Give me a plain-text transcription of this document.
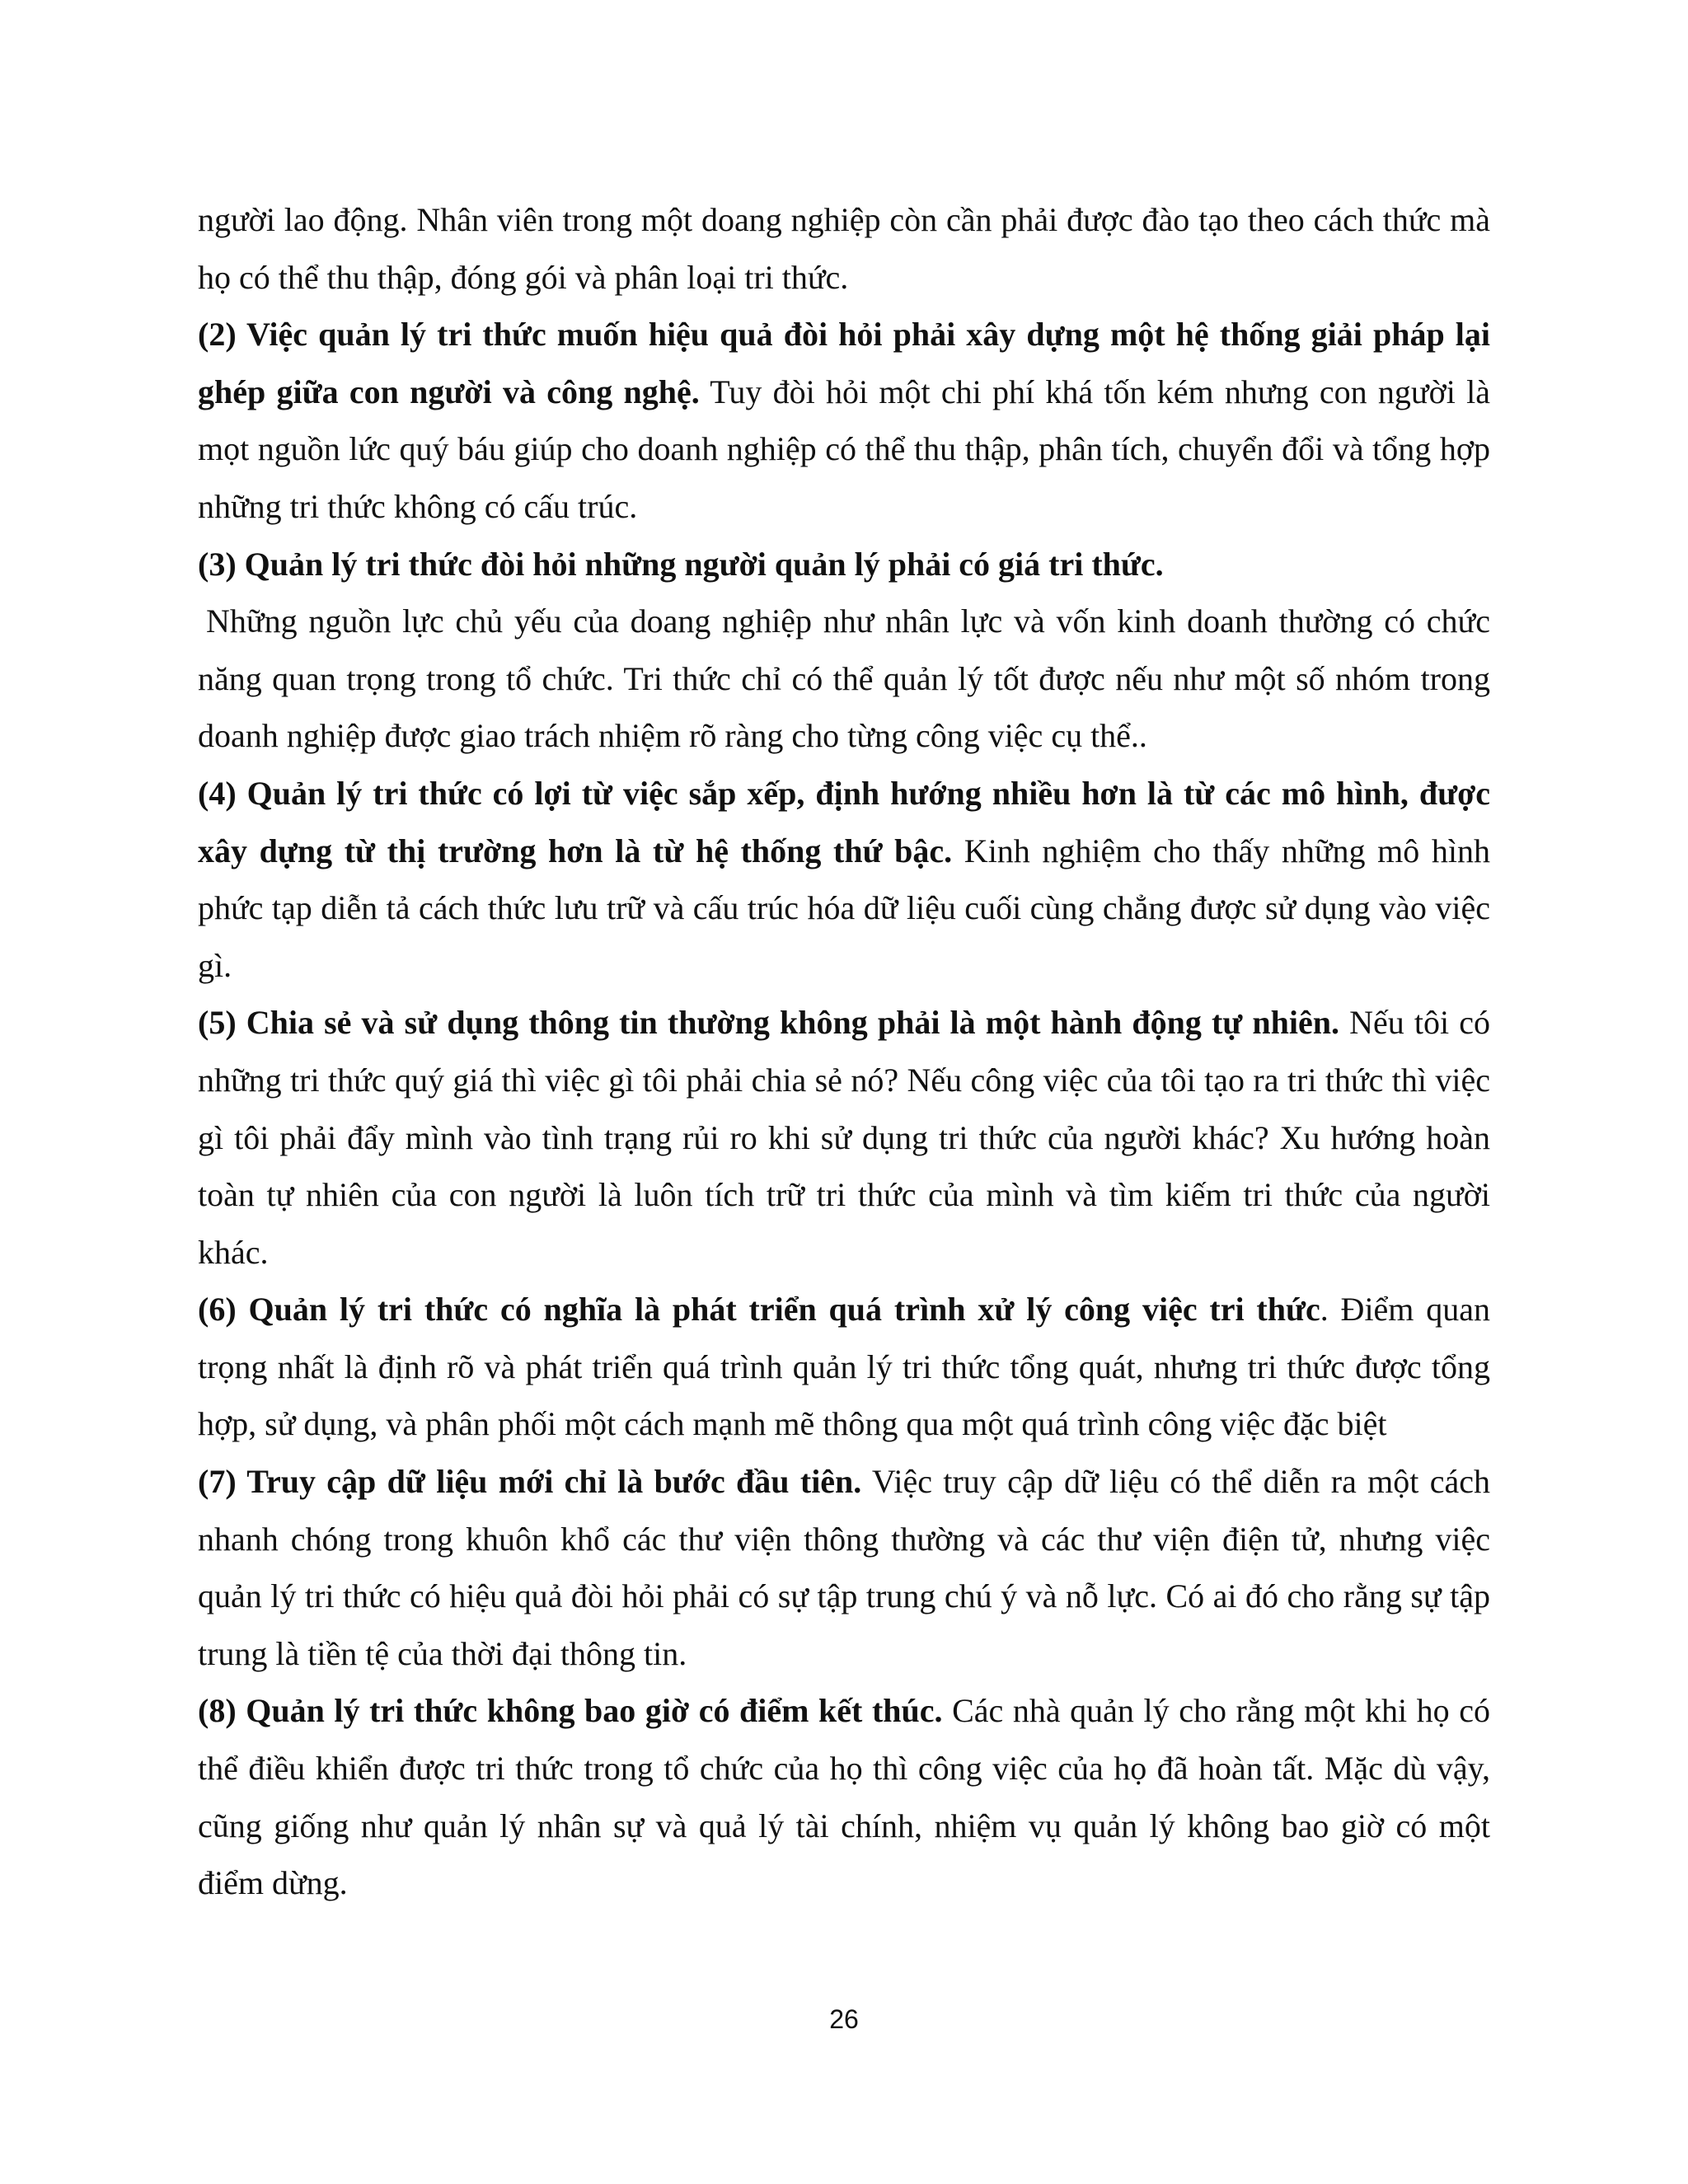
người lao động. Nhân viên trong một doang nghiệp còn cần phải được đào tạo theo cách thức mà họ có thể thu thập, đóng gói và phân loại tri thức.

(2) Việc quản lý tri thức muốn hiệu quả đòi hỏi phải xây dựng một hệ thống giải pháp lại ghép giữa con người và công nghệ. Tuy đòi hỏi một chi phí khá tốn kém nhưng con người là mọt nguồn lức quý báu giúp cho doanh nghiệp có thể thu thập, phân tích, chuyển đổi và tổng hợp những tri thức không có cấu trúc.

(3) Quản lý tri thức đòi hỏi những người quản lý phải có giá tri thức.

Những nguồn lực chủ yếu của doang nghiệp như nhân lực và vốn kinh doanh thường có chức năng quan trọng trong tổ chức. Tri thức chỉ có thể quản lý tốt được nếu như một số nhóm trong doanh nghiệp được giao trách nhiệm rõ ràng cho từng công việc cụ thể..

(4) Quản lý tri thức có lợi từ việc sắp xếp, định hướng nhiều hơn là từ các mô hình, được xây dựng từ thị trường hơn là từ hệ thống thứ bậc. Kinh nghiệm cho thấy những mô hình phức tạp diễn tả cách thức lưu trữ và cấu trúc hóa dữ liệu cuối cùng chẳng được sử dụng vào việc gì.

(5) Chia sẻ và sử dụng thông tin thường không phải là một hành động tự nhiên. Nếu tôi có những tri thức quý giá thì việc gì tôi phải chia sẻ nó? Nếu công việc của tôi tạo ra tri thức thì việc gì tôi phải đẩy mình vào tình trạng rủi ro khi sử dụng tri thức của người khác? Xu hướng hoàn toàn tự nhiên của con người là luôn tích trữ tri thức của mình và tìm kiếm tri thức của người khác.

(6) Quản lý tri thức có nghĩa là phát triển quá trình xử lý công việc tri thức. Điểm quan trọng nhất là định rõ và phát triển quá trình quản lý tri thức tổng quát, nhưng tri thức được tổng hợp, sử dụng, và phân phối một cách mạnh mẽ thông qua một quá trình công việc đặc biệt

(7) Truy cập dữ liệu mới chỉ là bước đầu tiên. Việc truy cập dữ liệu có thể diễn ra một cách nhanh chóng trong khuôn khổ các thư viện thông thường và các thư viện điện tử, nhưng việc quản lý tri thức có hiệu quả đòi hỏi phải có sự tập trung chú ý và nỗ lực. Có ai đó cho rằng sự tập trung là tiền tệ của thời đại thông tin.

(8) Quản lý tri thức không bao giờ có điểm kết thúc. Các nhà quản lý cho rằng một khi họ có thể điều khiển được tri thức trong tổ chức của họ thì công việc của họ đã hoàn tất. Mặc dù vậy, cũng giống như quản lý nhân sự và quả lý tài chính, nhiệm vụ quản lý không bao giờ có một điểm dừng.

26
